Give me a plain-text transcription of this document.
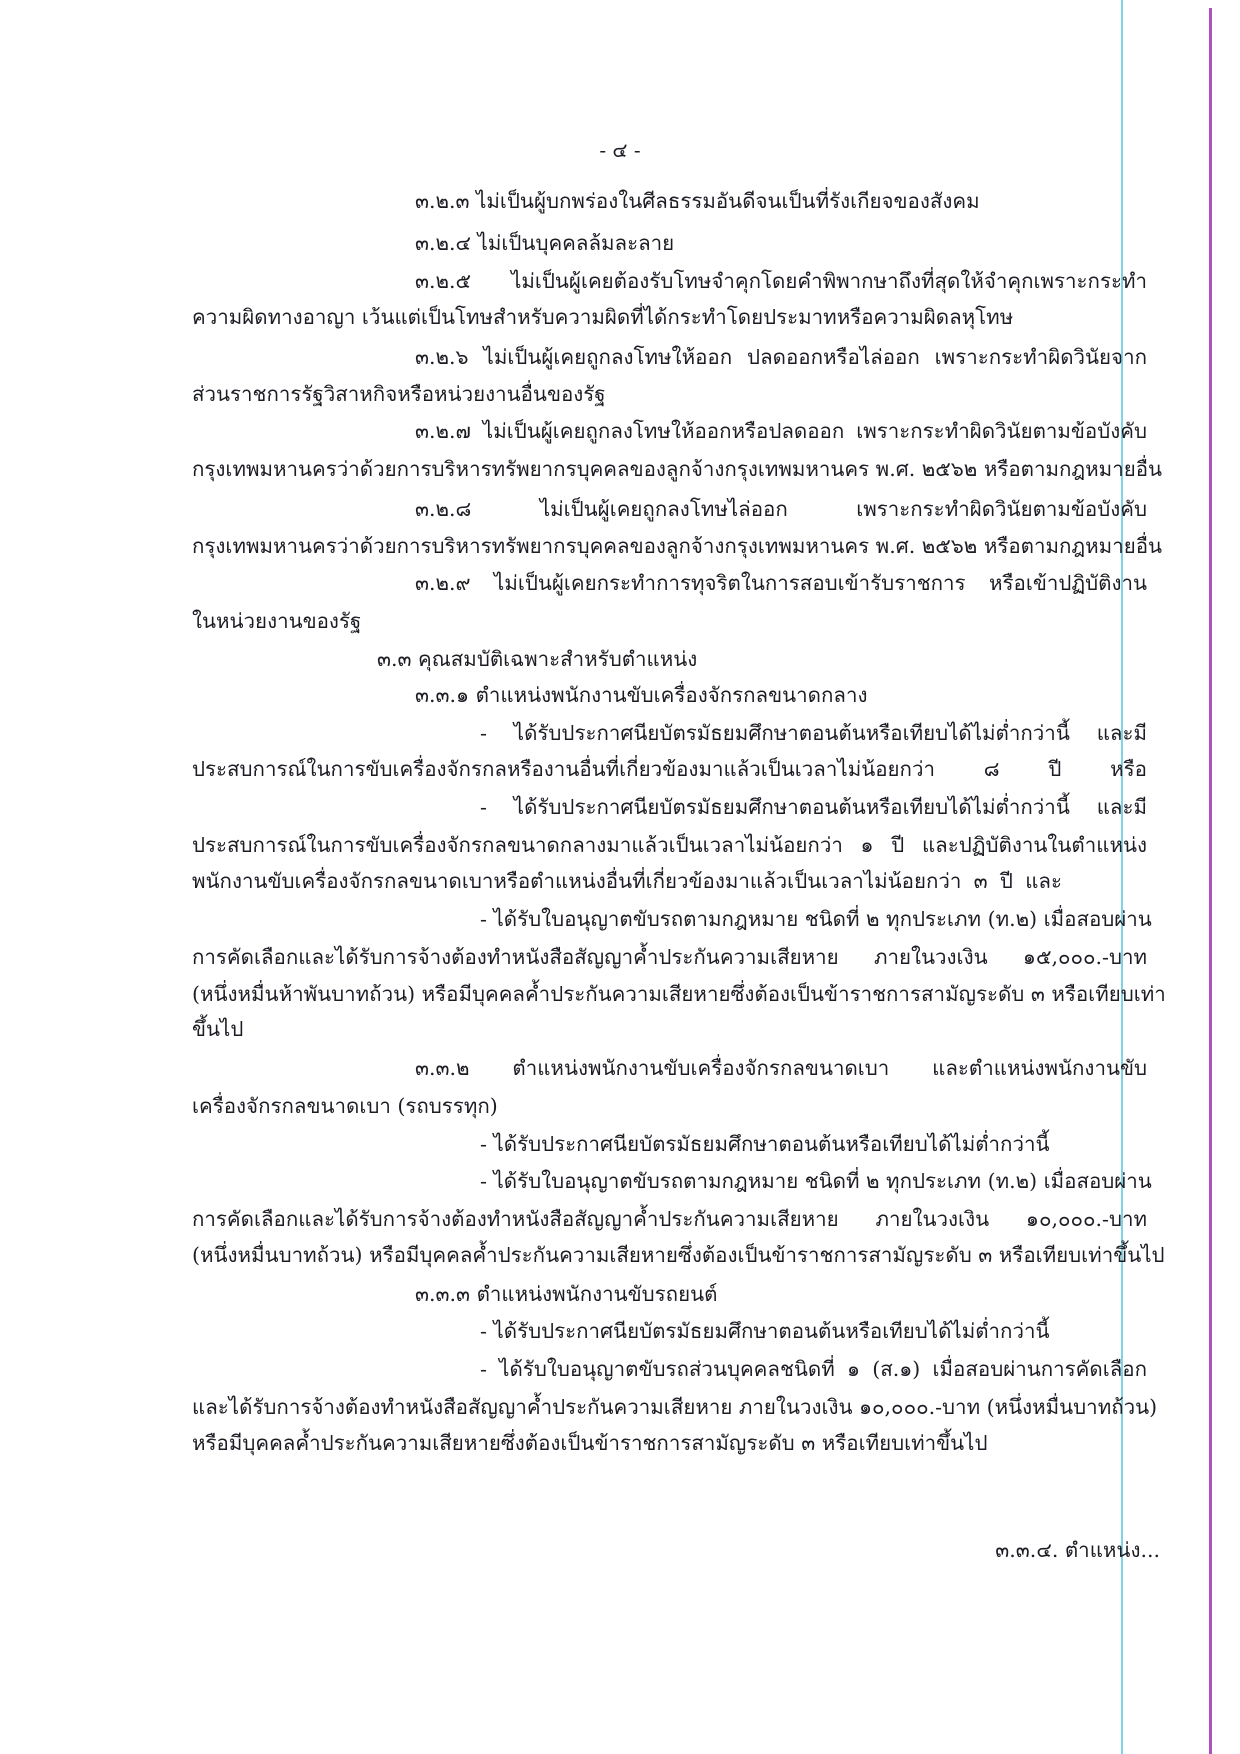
- ๔ -
๓.๒.๓ ไม่เป็นผู้บกพร่องในศีลธรรมอันดีจนเป็นที่รังเกียจของสังคม
๓.๒.๔ ไม่เป็นบุคคลล้มละลาย
๓.๒.๕ ไม่เป็นผู้เคยต้องรับโทษจำคุกโดยคำพิพากษาถึงที่สุดให้จำคุกเพราะกระทำ
ความผิดทางอาญา เว้นแต่เป็นโทษสำหรับความผิดที่ได้กระทำโดยประมาทหรือความผิดลหุโทษ
๓.๒.๖ ไม่เป็นผู้เคยถูกลงโทษให้ออก ปลดออกหรือไล่ออก เพราะกระทำผิดวินัยจาก
ส่วนราชการรัฐวิสาหกิจหรือหน่วยงานอื่นของรัฐ
๓.๒.๗ ไม่เป็นผู้เคยถูกลงโทษให้ออกหรือปลดออก เพราะกระทำผิดวินัยตามข้อบังคับ
กรุงเทพมหานครว่าด้วยการบริหารทรัพยากรบุคคลของลูกจ้างกรุงเทพมหานคร พ.ศ. ๒๕๖๒ หรือตามกฎหมายอื่น
๓.๒.๘ ไม่เป็นผู้เคยถูกลงโทษไล่ออก เพราะกระทำผิดวินัยตามข้อบังคับ
กรุงเทพมหานครว่าด้วยการบริหารทรัพยากรบุคคลของลูกจ้างกรุงเทพมหานคร พ.ศ. ๒๕๖๒ หรือตามกฎหมายอื่น
๓.๒.๙ ไม่เป็นผู้เคยกระทำการทุจริตในการสอบเข้ารับราชการ หรือเข้าปฏิบัติงาน
ในหน่วยงานของรัฐ
๓.๓ คุณสมบัติเฉพาะสำหรับตำแหน่ง
๓.๓.๑ ตำแหน่งพนักงานขับเครื่องจักรกลขนาดกลาง
- ได้รับประกาศนียบัตรมัธยมศึกษาตอนต้นหรือเทียบได้ไม่ต่ำกว่านี้ และมี
ประสบการณ์ในการขับเครื่องจักรกลหรืองานอื่นที่เกี่ยวข้องมาแล้วเป็นเวลาไม่น้อยกว่า ๘ ปี หรือ
- ได้รับประกาศนียบัตรมัธยมศึกษาตอนต้นหรือเทียบได้ไม่ต่ำกว่านี้ และมี
ประสบการณ์ในการขับเครื่องจักรกลขนาดกลางมาแล้วเป็นเวลาไม่น้อยกว่า ๑ ปี และปฏิบัติงานในตำแหน่ง
พนักงานขับเครื่องจักรกลขนาดเบาหรือตำแหน่งอื่นที่เกี่ยวข้องมาแล้วเป็นเวลาไม่น้อยกว่า ๓ ปี และ
- ได้รับใบอนุญาตขับรถตามกฎหมาย ชนิดที่ ๒ ทุกประเภท (ท.๒) เมื่อสอบผ่าน
การคัดเลือกและได้รับการจ้างต้องทำหนังสือสัญญาค้ำประกันความเสียหาย ภายในวงเงิน ๑๕,๐๐๐.-บาท
(หนึ่งหมื่นห้าพันบาทถ้วน) หรือมีบุคคลค้ำประกันความเสียหายซึ่งต้องเป็นข้าราชการสามัญระดับ ๓ หรือเทียบเท่า
ขึ้นไป
๓.๓.๒ ตำแหน่งพนักงานขับเครื่องจักรกลขนาดเบา และตำแหน่งพนักงานขับ
เครื่องจักรกลขนาดเบา (รถบรรทุก)
- ได้รับประกาศนียบัตรมัธยมศึกษาตอนต้นหรือเทียบได้ไม่ต่ำกว่านี้
- ได้รับใบอนุญาตขับรถตามกฎหมาย ชนิดที่ ๒ ทุกประเภท (ท.๒) เมื่อสอบผ่าน
การคัดเลือกและได้รับการจ้างต้องทำหนังสือสัญญาค้ำประกันความเสียหาย ภายในวงเงิน ๑๐,๐๐๐.-บาท
(หนึ่งหมื่นบาทถ้วน) หรือมีบุคคลค้ำประกันความเสียหายซึ่งต้องเป็นข้าราชการสามัญระดับ ๓ หรือเทียบเท่าขึ้นไป
๓.๓.๓ ตำแหน่งพนักงานขับรถยนต์
- ได้รับประกาศนียบัตรมัธยมศึกษาตอนต้นหรือเทียบได้ไม่ต่ำกว่านี้
- ได้รับใบอนุญาตขับรถส่วนบุคคลชนิดที่ ๑ (ส.๑) เมื่อสอบผ่านการคัดเลือก
และได้รับการจ้างต้องทำหนังสือสัญญาค้ำประกันความเสียหาย ภายในวงเงิน ๑๐,๐๐๐.-บาท (หนึ่งหมื่นบาทถ้วน)
หรือมีบุคคลค้ำประกันความเสียหายซึ่งต้องเป็นข้าราชการสามัญระดับ ๓ หรือเทียบเท่าขึ้นไป
๓.๓.๔. ตำแหน่ง...
